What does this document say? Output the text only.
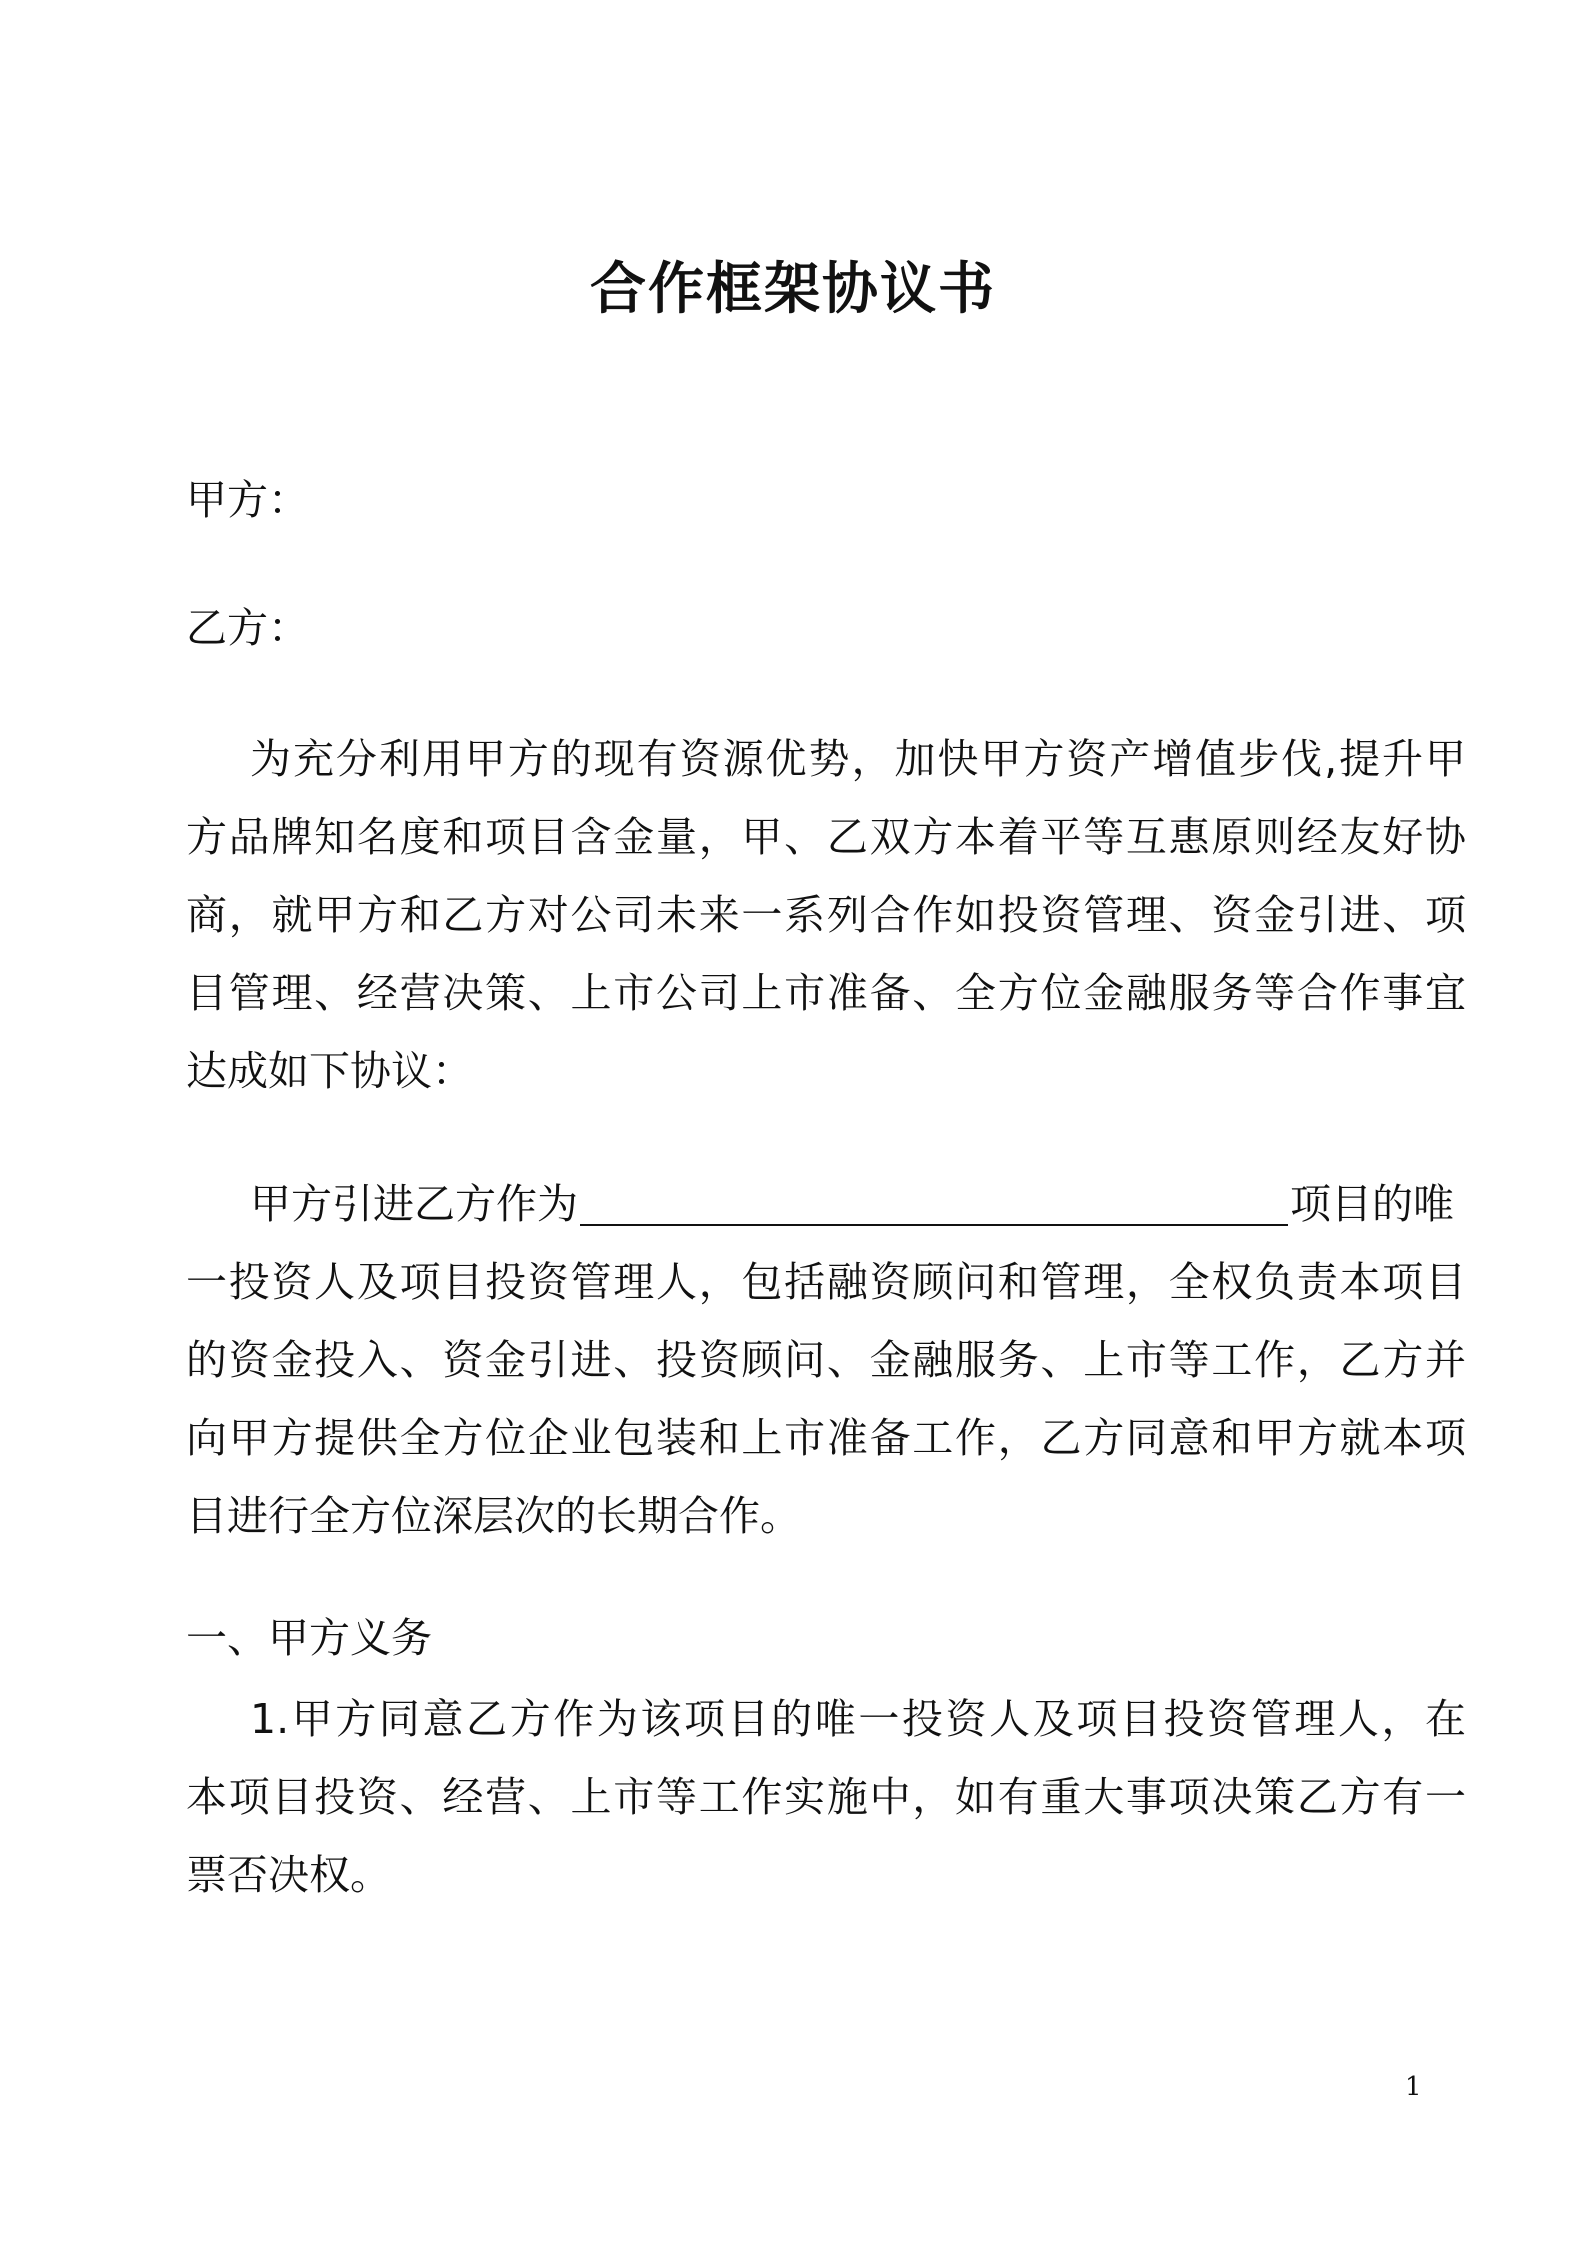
合作框架协议书

甲方：

乙方：

为充分利用甲方的现有资源优势，加快甲方资产增值步伐,提升甲
方品牌知名度和项目含金量，甲、乙双方本着平等互惠原则经友好协
商，就甲方和乙方对公司未来一系列合作如投资管理、资金引进、项
目管理、经营决策、上市公司上市准备、全方位金融服务等合作事宜
达成如下协议：
甲方引进乙方作为	项目的唯
一投资人及项目投资管理人，包括融资顾问和管理，全权负责本项目
的资金投入、资金引进、投资顾问、金融服务、上市等工作，乙方并
向甲方提供全方位企业包装和上市准备工作，乙方同意和甲方就本项
目进行全方位深层次的长期合作。
一、甲方义务
1.甲方同意乙方作为该项目的唯一投资人及项目投资管理人，在
本项目投资、经营、上市等工作实施中，如有重大事项决策乙方有一
票否决权。
1
